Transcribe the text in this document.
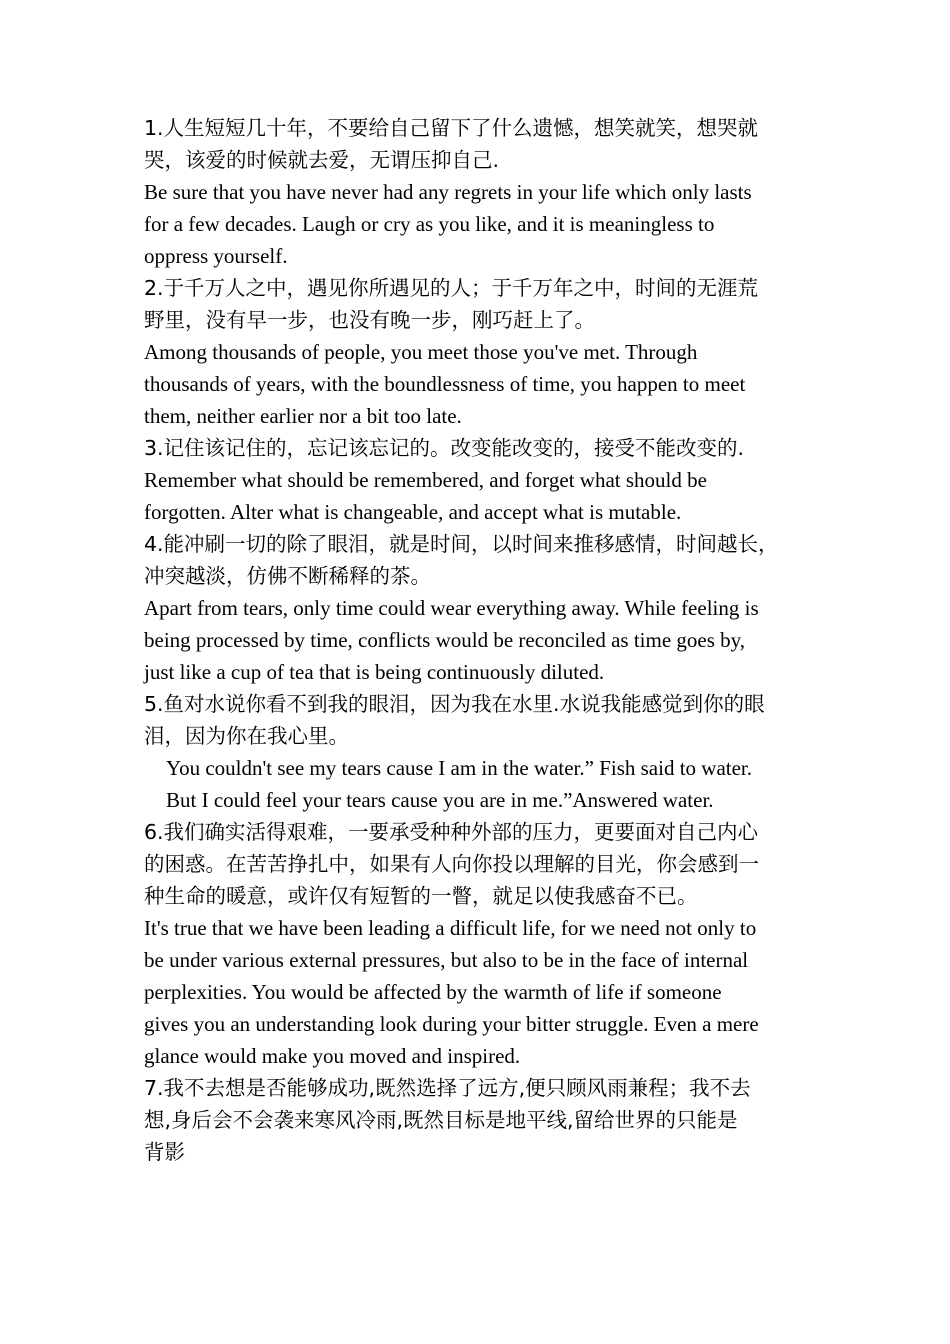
1.人生短短几十年，不要给自己留下了什么遗憾，想笑就笑，想哭就

哭，该爱的时候就去爱，无谓压抑自己.

Be sure that you have never had any regrets in your life which only lasts

for a few decades. Laugh or cry as you like, and it is meaningless to

oppress yourself.

2.于千万人之中，遇见你所遇见的人；于千万年之中，时间的无涯荒

野里，没有早一步，也没有晚一步，刚巧赶上了。

Among thousands of people, you meet those you've met. Through

thousands of years, with the boundlessness of time, you happen to meet

them, neither earlier nor a bit too late.

3.记住该记住的，忘记该忘记的。改变能改变的，接受不能改变的.

Remember what should be remembered, and forget what should be

forgotten. Alter what is changeable, and accept what is mutable.

4.能冲刷一切的除了眼泪，就是时间，以时间来推移感情，时间越长，

冲突越淡，仿佛不断稀释的茶。

Apart from tears, only time could wear everything away. While feeling is

being processed by time, conflicts would be reconciled as time goes by,

just like a cup of tea that is being continuously diluted.

5.鱼对水说你看不到我的眼泪，因为我在水里.水说我能感觉到你的眼

泪，因为你在我心里。

You couldn't see my tears cause I am in the water.” Fish said to water.

But I could feel your tears cause you are in me.”Answered water.

6.我们确实活得艰难，一要承受种种外部的压力，更要面对自己内心

的困惑。在苦苦挣扎中，如果有人向你投以理解的目光，你会感到一

种生命的暖意，或许仅有短暂的一瞥，就足以使我感奋不已。

It's true that we have been leading a difficult life, for we need not only to

be under various external pressures, but also to be in the face of internal

perplexities. You would be affected by the warmth of life if someone

gives you an understanding look during your bitter struggle. Even a mere

glance would make you moved and inspired.

7.我不去想是否能够成功,既然选择了远方,便只顾风雨兼程；我不去

想,身后会不会袭来寒风冷雨,既然目标是地平线,留给世界的只能是

背影
